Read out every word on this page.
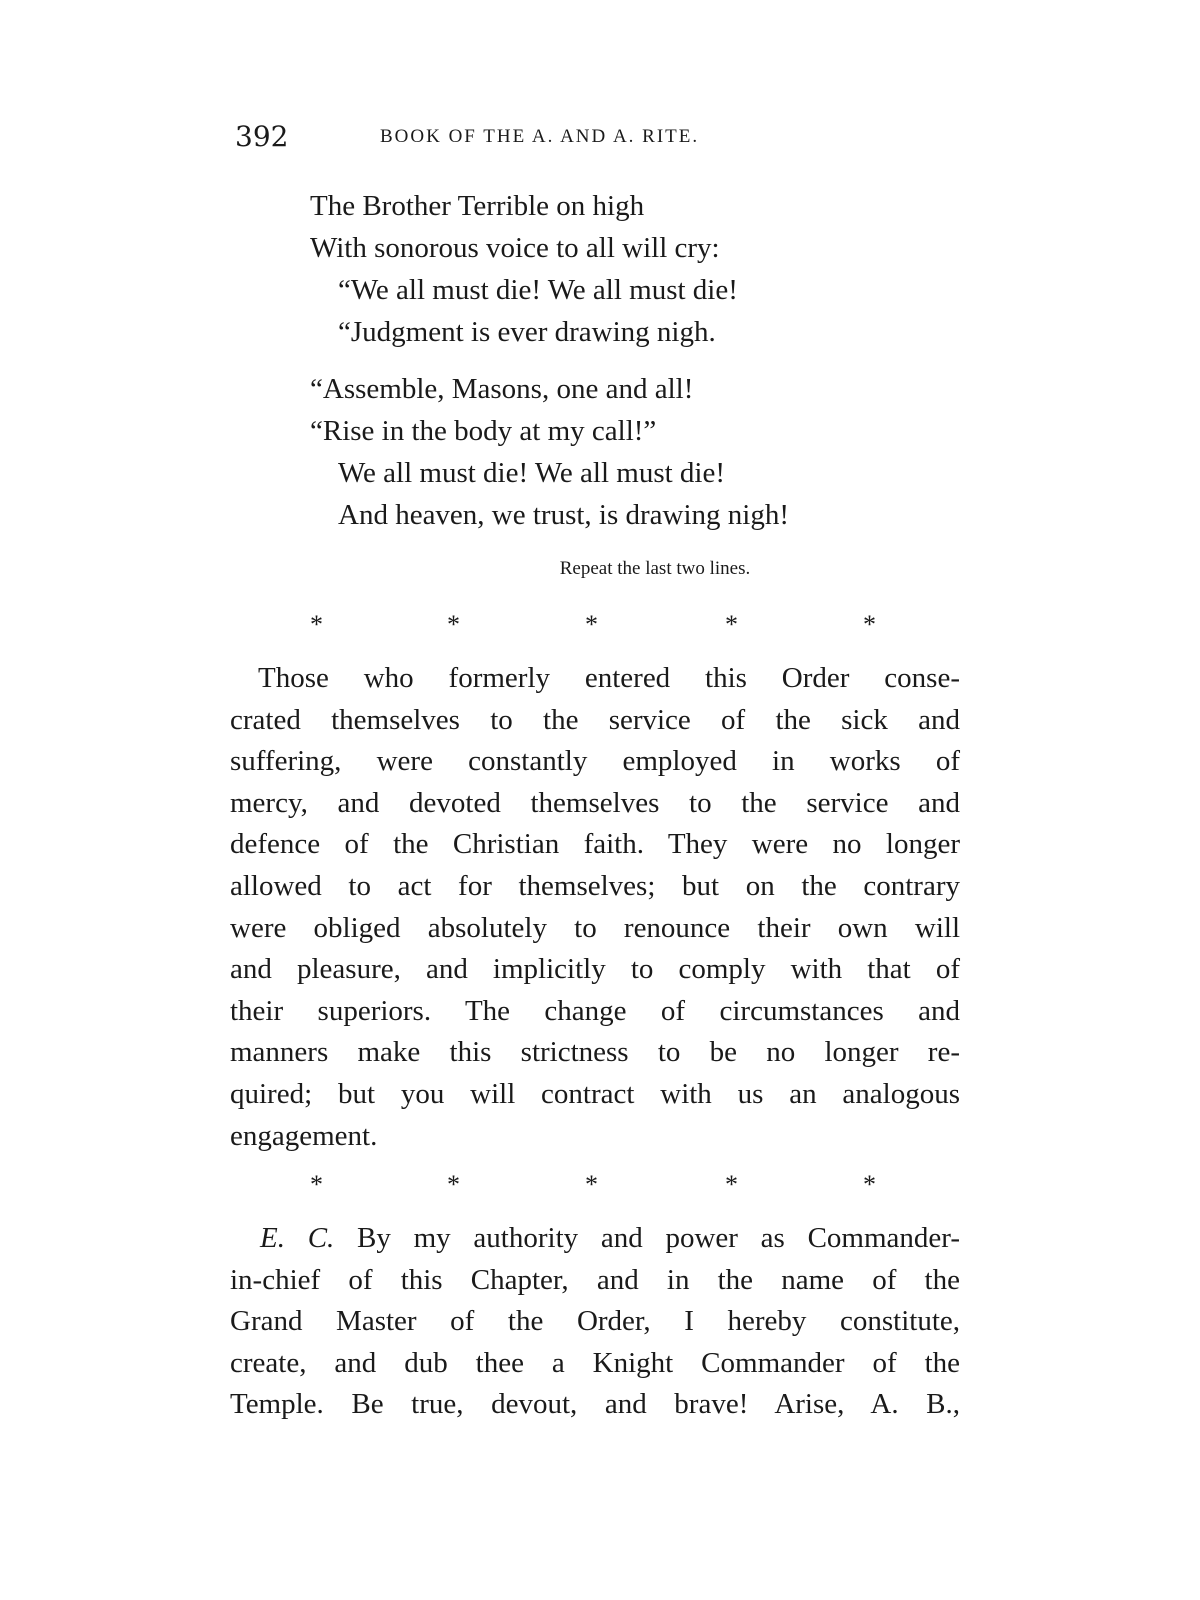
392	BOOK OF THE A. AND A. RITE.
The Brother Terrible on high
With sonorous voice to all will cry:
“We all must die! We all must die!
“Judgment is ever drawing nigh.
“Assemble, Masons, one and all!
“Rise in the body at my call!”
We all must die! We all must die!
And heaven, we trust, is drawing nigh!
Repeat the last two lines.
*	*	*	*	*
Those who formerly entered this Order conse-
crated themselves to the service of the sick and
suffering, were constantly employed in works of
mercy, and devoted themselves to the service and
defence of the Christian faith. They were no longer
allowed to act for themselves; but on the contrary
were obliged absolutely to renounce their own will
and pleasure, and implicitly to comply with that of
their superiors. The change of circumstances and
manners make this strictness to be no longer re-
quired; but you will contract with us an analogous
engagement.
*	*	*	*	*
E. C. By my authority and power as Commander-
in-chief of this Chapter, and in the name of the
Grand Master of the Order, I hereby constitute,
create, and dub thee a Knight Commander of the
Temple. Be true, devout, and brave! Arise, A. B.,
